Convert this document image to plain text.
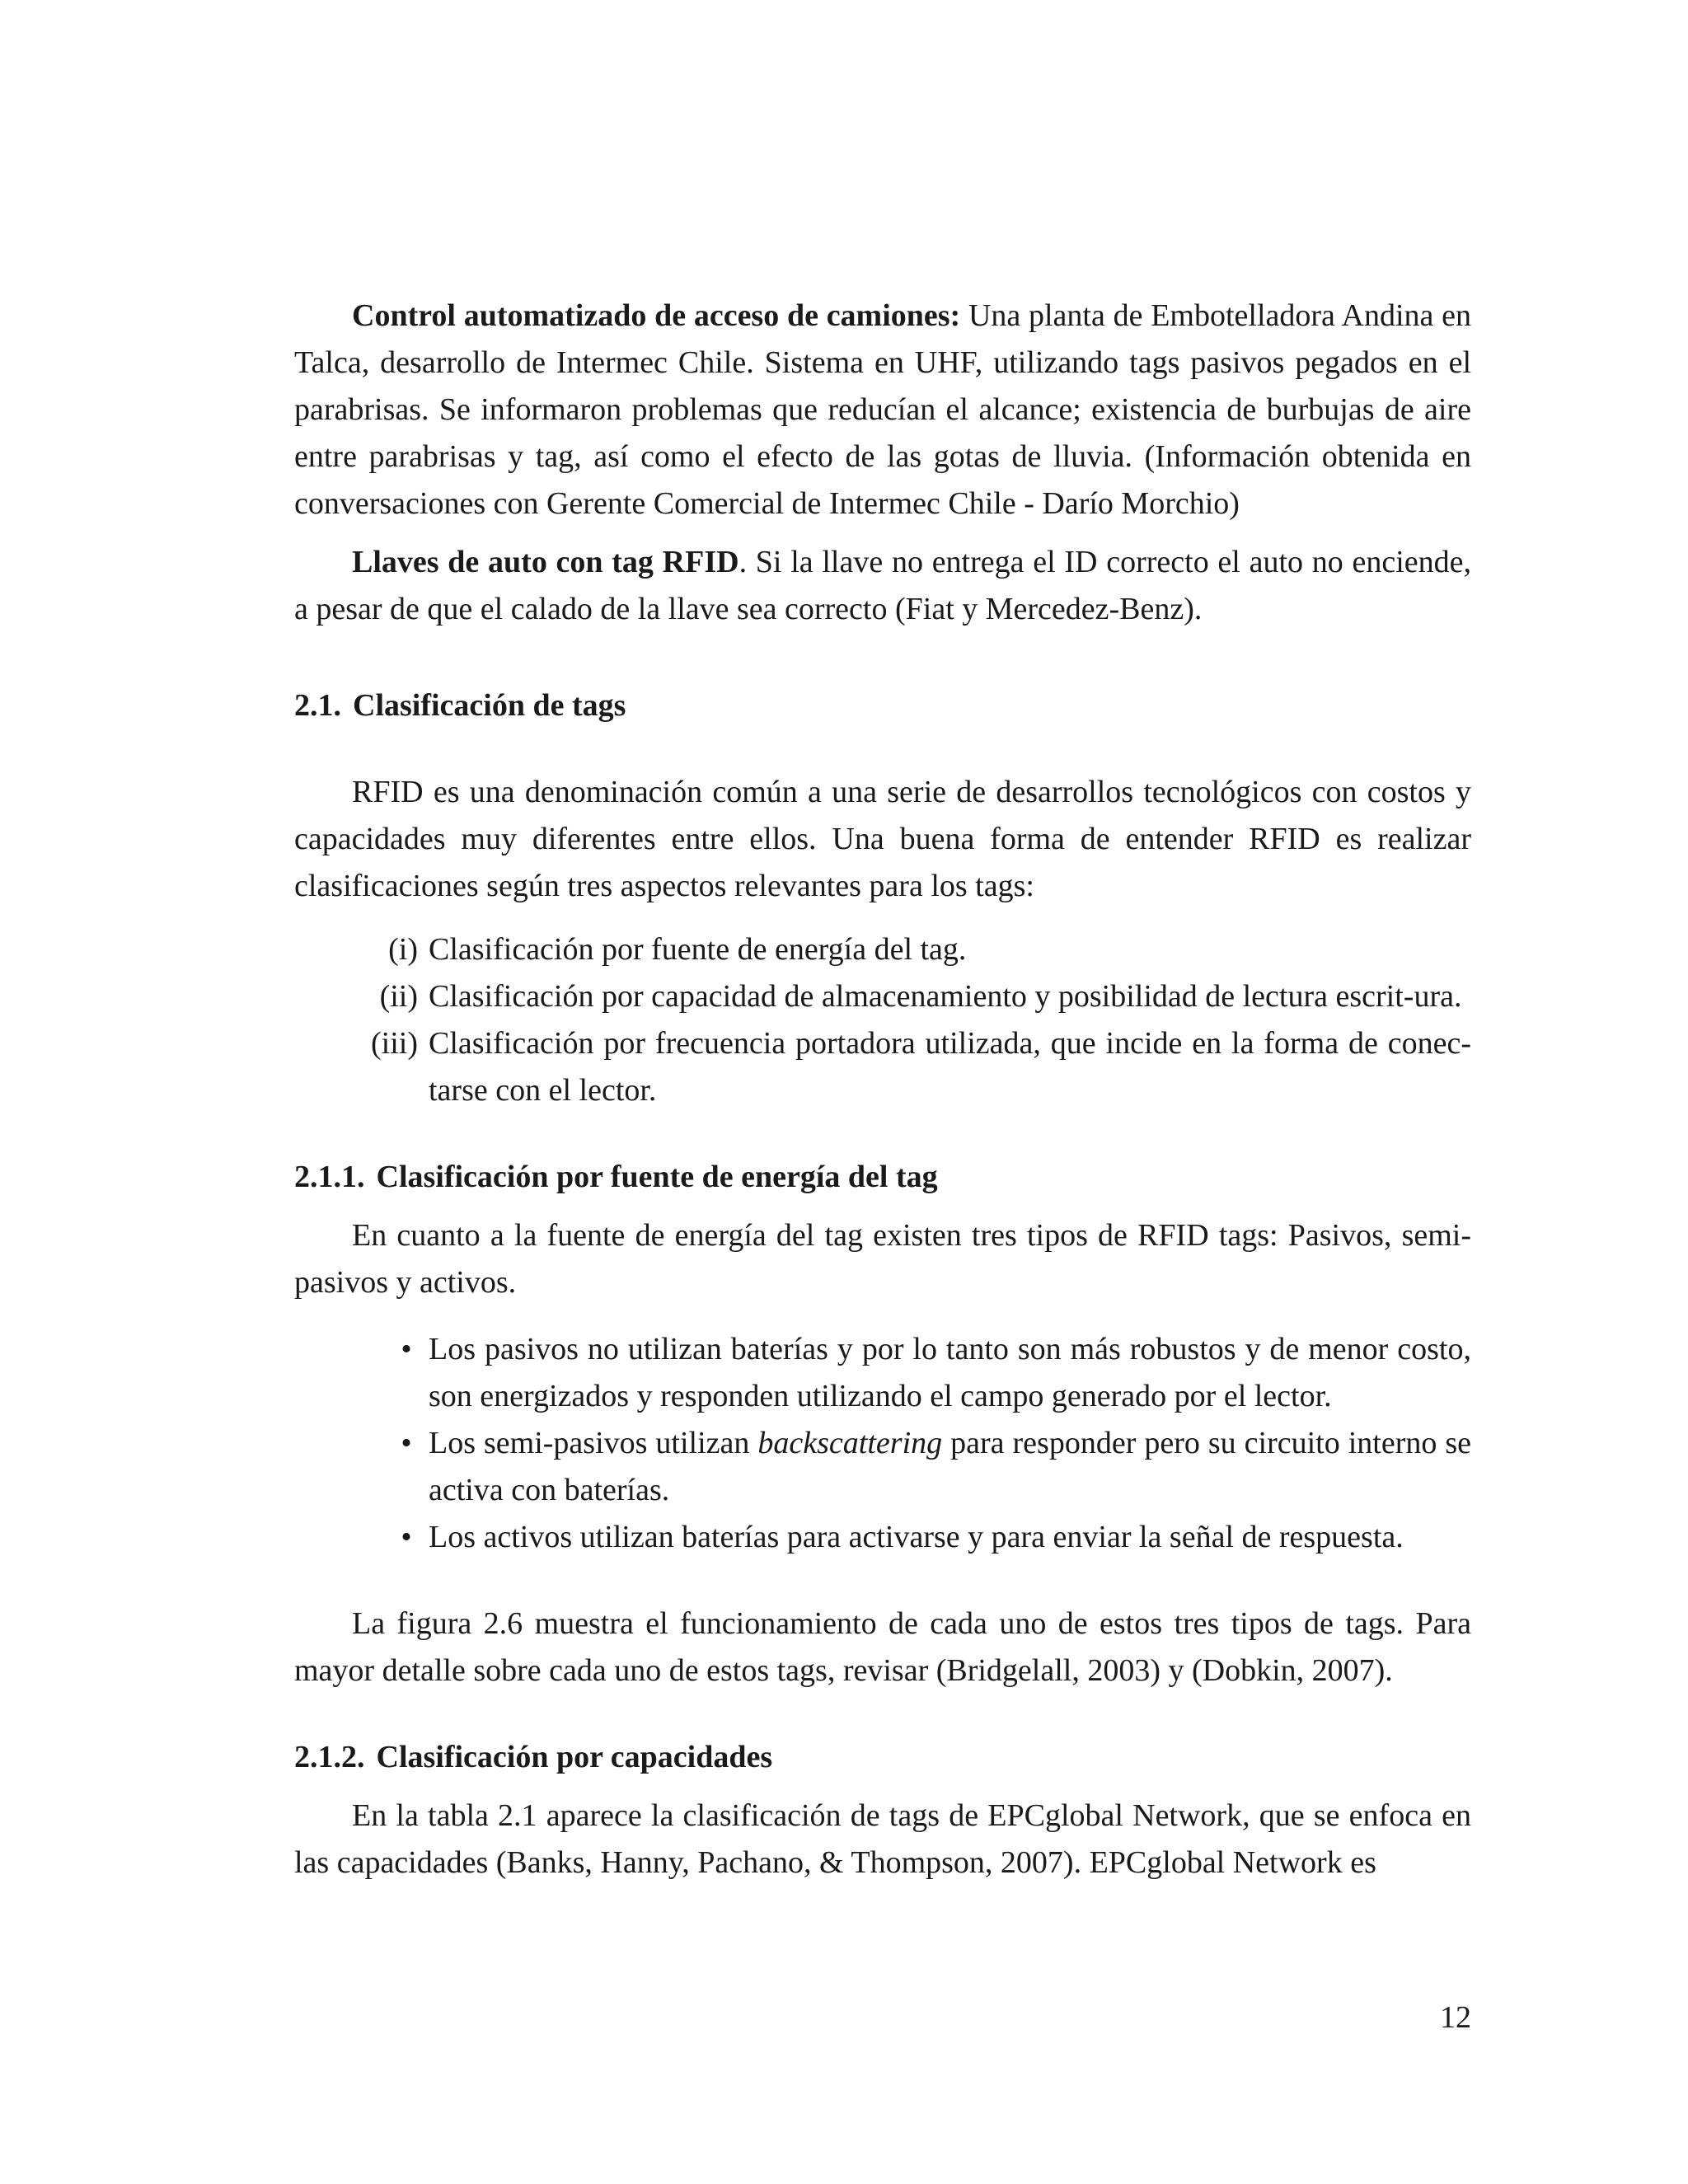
Control automatizado de acceso de camiones: Una planta de Embotelladora Andina en Talca, desarrollo de Intermec Chile. Sistema en UHF, utilizando tags pasivos pegados en el parabrisas. Se informaron problemas que reducían el alcance; existencia de burbujas de aire entre parabrisas y tag, así como el efecto de las gotas de lluvia. (Información obtenida en conversaciones con Gerente Comercial de Intermec Chile - Darío Morchio)

Llaves de auto con tag RFID. Si la llave no entrega el ID correcto el auto no enciende, a pesar de que el calado de la llave sea correcto (Fiat y Mercedez-Benz).

2.1. Clasificación de tags

RFID es una denominación común a una serie de desarrollos tecnológicos con costos y capacidades muy diferentes entre ellos. Una buena forma de entender RFID es realizar clasificaciones según tres aspectos relevantes para los tags:

(i) Clasificación por fuente de energía del tag.
(ii) Clasificación por capacidad de almacenamiento y posibilidad de lectura escrit-ura.
(iii) Clasificación por frecuencia portadora utilizada, que incide en la forma de conec-tarse con el lector.
2.1.1. Clasificación por fuente de energía del tag

En cuanto a la fuente de energía del tag existen tres tipos de RFID tags: Pasivos, semi-pasivos y activos.

• Los pasivos no utilizan baterías y por lo tanto son más robustos y de menor costo, son energizados y responden utilizando el campo generado por el lector.
• Los semi-pasivos utilizan backscattering para responder pero su circuito interno se activa con baterías.
• Los activos utilizan baterías para activarse y para enviar la señal de respuesta.

La figura 2.6 muestra el funcionamiento de cada uno de estos tres tipos de tags. Para mayor detalle sobre cada uno de estos tags, revisar (Bridgelall, 2003) y (Dobkin, 2007).

2.1.2. Clasificación por capacidades

En la tabla 2.1 aparece la clasificación de tags de EPCglobal Network, que se enfoca en las capacidades (Banks, Hanny, Pachano, & Thompson, 2007). EPCglobal Network es

12
